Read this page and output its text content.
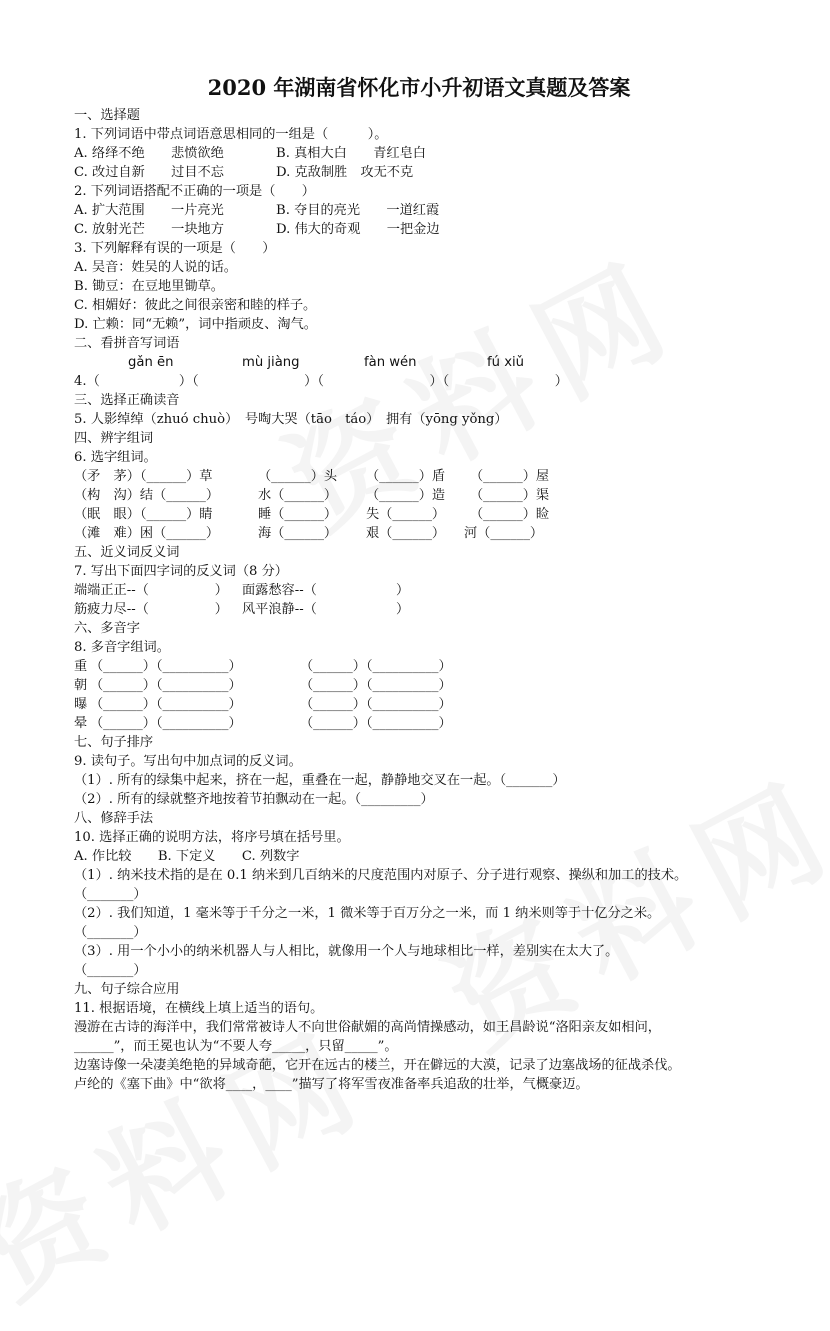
2020 年湖南省怀化市小升初语文真题及答案
一、选择题
1. 下列词语中带点词语意思相同的一组是（　　　）。
A. 络绎不绝　　悲愤欲绝	B. 真相大白　　青红皂白
C. 改过自新　　过目不忘	D. 克敌制胜　攻无不克
2. 下列词语搭配不正确的一项是（　　）
A. 扩大范围　　一片亮光	B. 夺目的亮光　　一道红霞
C. 放射光芒　　一块地方	D. 伟大的奇观　　一把金边
3. 下列解释有误的一项是（　　）
A. 吴音：姓吴的人说的话。
B. 锄豆：在豆地里锄草。
C. 相媚好：彼此之间很亲密和睦的样子。
D. 亡赖：同“无赖”，词中指顽皮、淘气。
二、看拼音写词语
gǎn ēn	mù jiàng	fàn wén	fú xiǔ
4.（　　　　　　）（　　　　　　　　）（　　　　　　　　）（　　　　　　　　）
三、选择正确读音
5. 人影绰绰（zhuó chuò）　号啕大哭（tāo　táo）　拥有（yōng yǒng）
四、辨字组词
6. 选字组词。
（矛　茅）（______）草	（______）头 （______）盾 （______）屋
（构　沟）结（______）	水（______） （______）造 （______）渠
（眠　眼）（______）睛	睡（______） 失（______） （______）睑
（滩　难）困（______）	海（______） 艰（______） 河（______）
五、近义词反义词
7. 写出下面四字词的反义词（8 分）
端端正正--（　　　　　） 面露愁容--（　　　　　　）
筋疲力尽--（　　　　　） 风平浪静--（　　　　　　）
六、多音字
8. 多音字组词。
重 （______）（__________）	（______）（__________）
朝 （______）（__________）	（______）（__________）
曝 （______）（__________）	（______）（__________）
晕 （______）（__________）	（______）（__________）
七、句子排序
9. 读句子。写出句中加点词的反义词。
（1）. 所有的绿集中起来，挤在一起，重叠在一起，静静地交叉在一起。（_______）
（2）. 所有的绿就整齐地按着节拍飘动在一起。（_________）
八、修辞手法
10. 选择正确的说明方法，将序号填在括号里。
A. 作比较　　B. 下定义　　C. 列数字
（1）. 纳米技术指的是在 0.1 纳米到几百纳米的尺度范围内对原子、分子进行观察、操纵和加工的技术。
（_______）
（2）. 我们知道，1 毫米等于千分之一米，1 微米等于百万分之一米，而 1 纳米则等于十亿分之米。
（_______）
（3）. 用一个小小的纳米机器人与人相比，就像用一个人与地球相比一样，差别实在太大了。
（_______）
九、句子综合应用
11. 根据语境，在横线上填上适当的语句。
漫游在古诗的海洋中，我们常常被诗人不向世俗献媚的高尚情操感动，如王昌龄说“洛阳亲友如相问，
______”，而王冕也认为“不要人夸_____，只留_____”。
边塞诗像一朵凄美绝艳的异域奇葩，它开在远古的楼兰，开在僻远的大漠，记录了边塞战场的征战杀伐。
卢纶的《塞下曲》中“欲将____，____”描写了将军雪夜准备率兵追敌的壮举，气概豪迈。
